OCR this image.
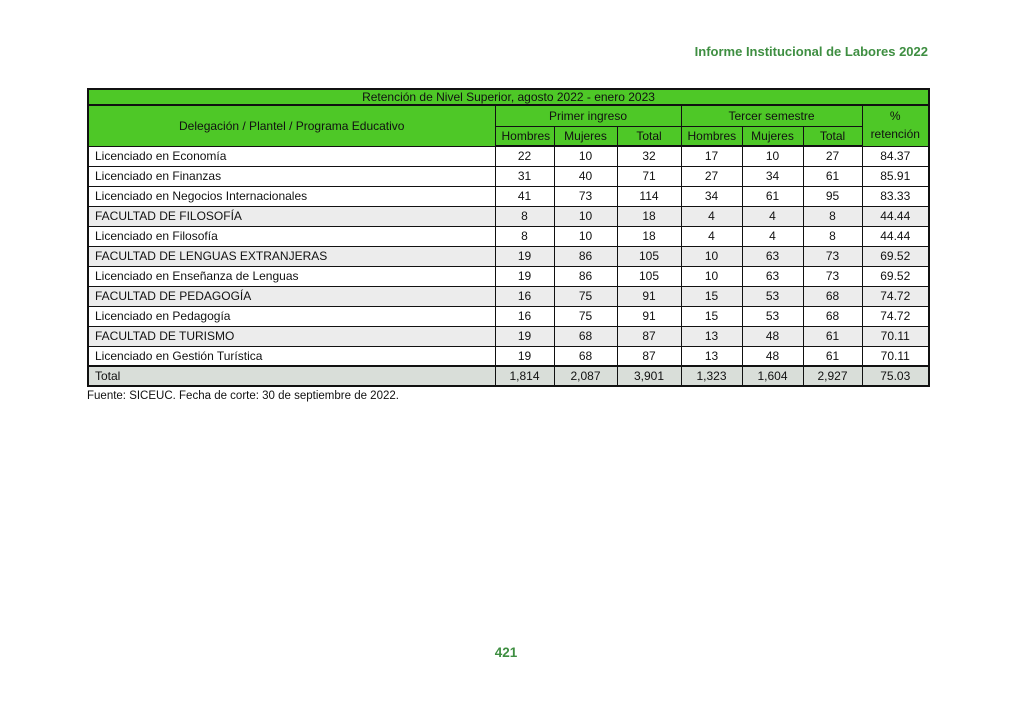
Informe Institucional de Labores 2022
Retención de Nivel Superior, agosto 2022 - enero 2023							
Delegación / Plantel / Programa Educativo	Primer ingreso			Tercer semestre			%
retención

	Hombres	Mujeres	Total	Hombres	Mujeres	Total	
Licenciado en Economía	22	10	32	17	10	27	84.37
Licenciado en Finanzas	31	40	71	27	34	61	85.91
Licenciado en Negocios Internacionales	41	73	114	34	61	95	83.33
FACULTAD DE FILOSOFÍA	8	10	18	4	4	8	44.44
Licenciado en Filosofía	8	10	18	4	4	8	44.44
FACULTAD DE LENGUAS EXTRANJERAS	19	86	105	10	63	73	69.52
Licenciado en Enseñanza de Lenguas	19	86	105	10	63	73	69.52
FACULTAD DE PEDAGOGÍA	16	75	91	15	53	68	74.72
Licenciado en Pedagogía	16	75	91	15	53	68	74.72
FACULTAD DE TURISMO	19	68	87	13	48	61	70.11
Licenciado en Gestión Turística	19	68	87	13	48	61	70.11
Total	1,814	2,087	3,901	1,323	1,604	2,927	75.03
Fuente: SICEUC. Fecha de corte: 30 de septiembre de 2022.
421
